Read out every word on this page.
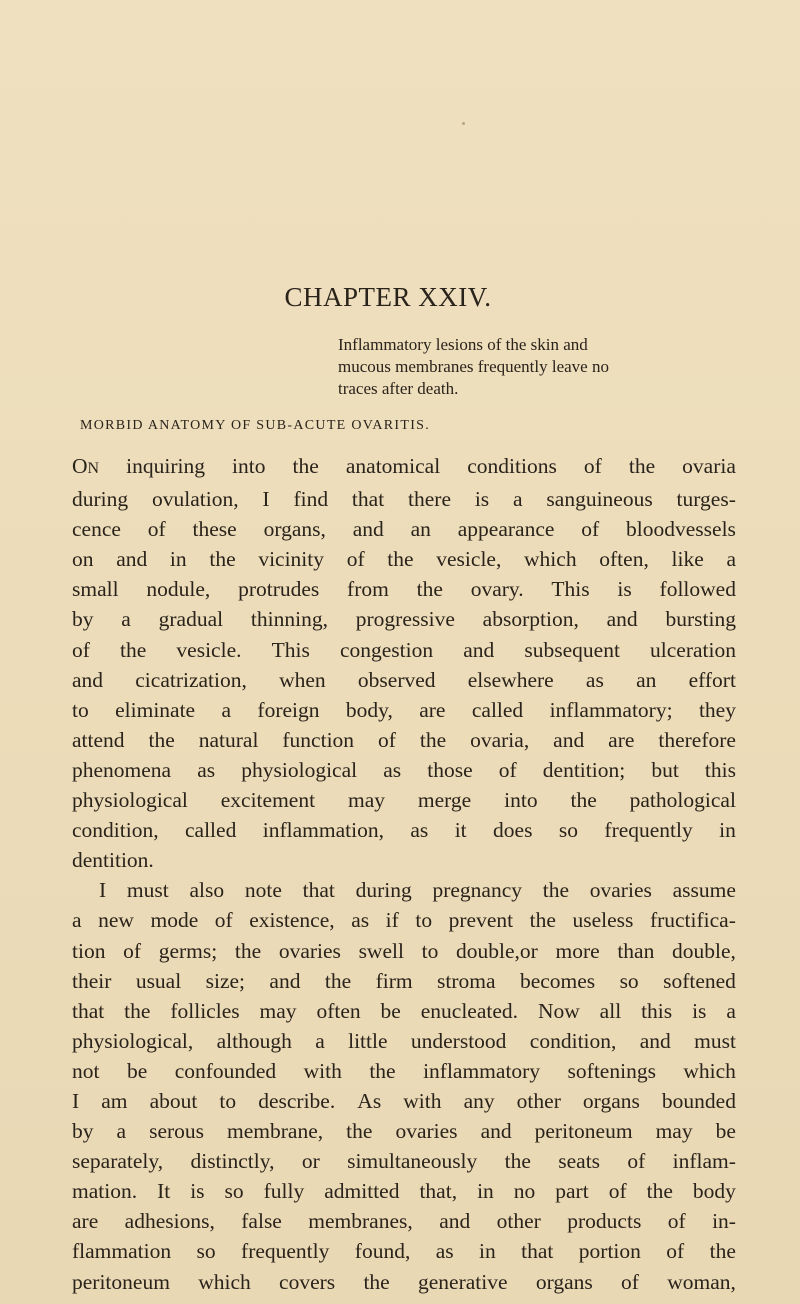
CHAPTER XXIV.
Inflammatory lesions of the skin and
mucous membranes frequently leave no
traces after death.
MORBID ANATOMY OF SUB-ACUTE OVARITIS.
ON inquiring into the anatomical conditions of the ovaria
during ovulation, I find that there is a sanguineous turges-
cence of these organs, and an appearance of bloodvessels
on and in the vicinity of the vesicle, which often, like a
small nodule, protrudes from the ovary. This is followed
by a gradual thinning, progressive absorption, and bursting
of the vesicle. This congestion and subsequent ulceration
and cicatrization, when observed elsewhere as an effort
to eliminate a foreign body, are called inflammatory; they
attend the natural function of the ovaria, and are therefore
phenomena as physiological as those of dentition; but this
physiological excitement may merge into the pathological
condition, called inflammation, as it does so frequently in
dentition.
I must also note that during pregnancy the ovaries assume
a new mode of existence, as if to prevent the useless fructifica-
tion of germs; the ovaries swell to double,or more than double,
their usual size; and the firm stroma becomes so softened
that the follicles may often be enucleated. Now all this is a
physiological, although a little understood condition, and must
not be confounded with the inflammatory softenings which
I am about to describe. As with any other organs bounded
by a serous membrane, the ovaries and peritoneum may be
separately, distinctly, or simultaneously the seats of inflam-
mation. It is so fully admitted that, in no part of the body
are adhesions, false membranes, and other products of in-
flammation so frequently found, as in that portion of the
peritoneum which covers the generative organs of woman,
